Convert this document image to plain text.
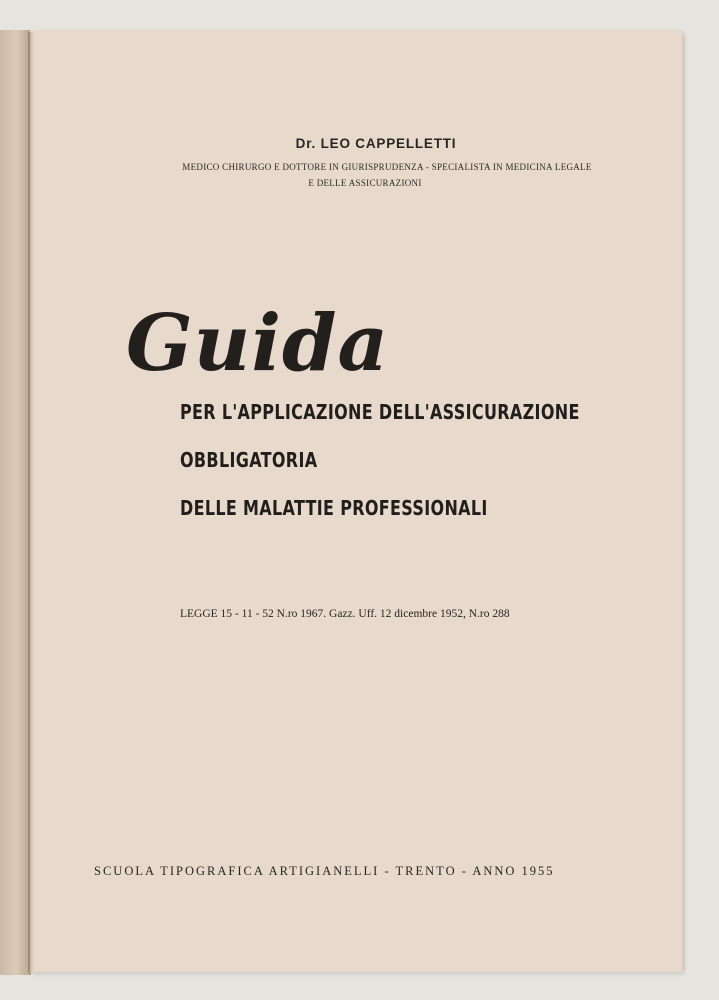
Dr. LEO CAPPELLETTI
MEDICO CHIRURGO E DOTTORE IN GIURISPRUDENZA - SPECIALISTA IN MEDICINA LEGALE
E DELLE ASSICURAZIONI
Guida
PER L'APPLICAZIONE DELL'ASSICURAZIONE
OBBLIGATORIA
DELLE MALATTIE PROFESSIONALI
LEGGE 15 - 11 - 52 N.ro 1967. Gazz. Uff. 12 dicembre 1952, N.ro 288
SCUOLA TIPOGRAFICA ARTIGIANELLI - TRENTO - ANNO 1955
